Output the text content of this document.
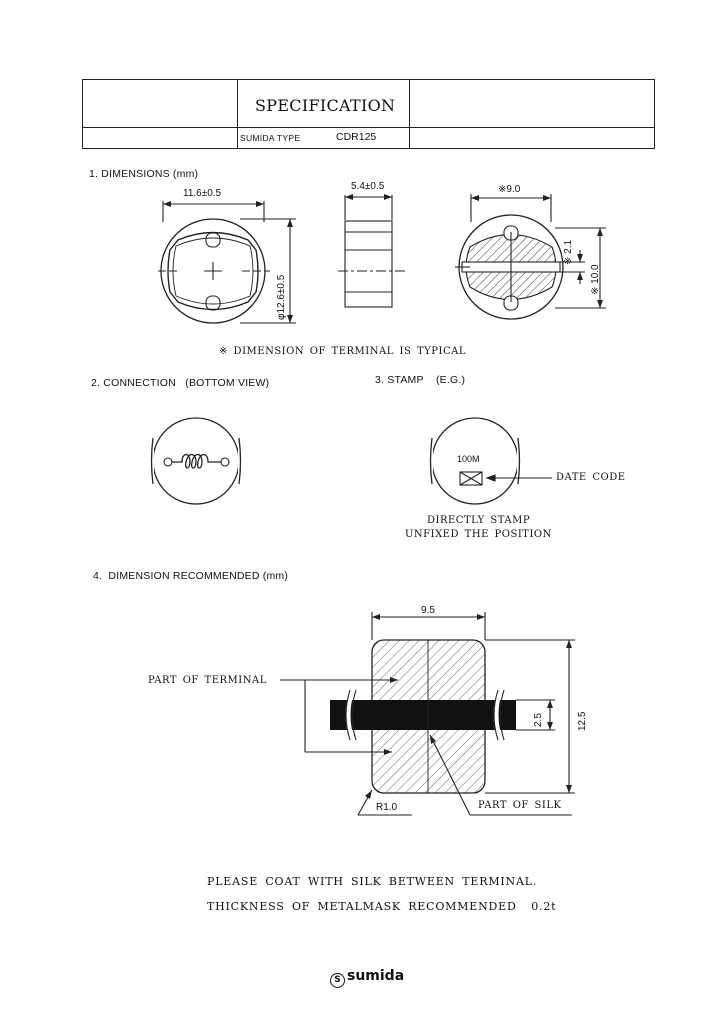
SPECIFICATION
SUMIDA TYPE	CDR125
1. DIMENSIONS (mm)
2. CONNECTION (BOTTOM VIEW)	3. STAMP (E.G.)
4. DIMENSION RECOMMENDED (mm)
11.6±0.5
φ12.6±0.5
5.4±0.5	※9.0
※ 2.1
※ 10.0
※ DIMENSION OF TERMINAL IS TYPICAL
100M
DATE CODE
DIRECTLY STAMP
UNFIXED THE POSITION
9.5
2.5	12.5
PART OF TERMINAL
R1.0	PART OF SILK
PLEASE COAT WITH SILK BETWEEN TERMINAL.
THICKNESS OF METALMASK RECOMMENDED 0.2t
S sumida
